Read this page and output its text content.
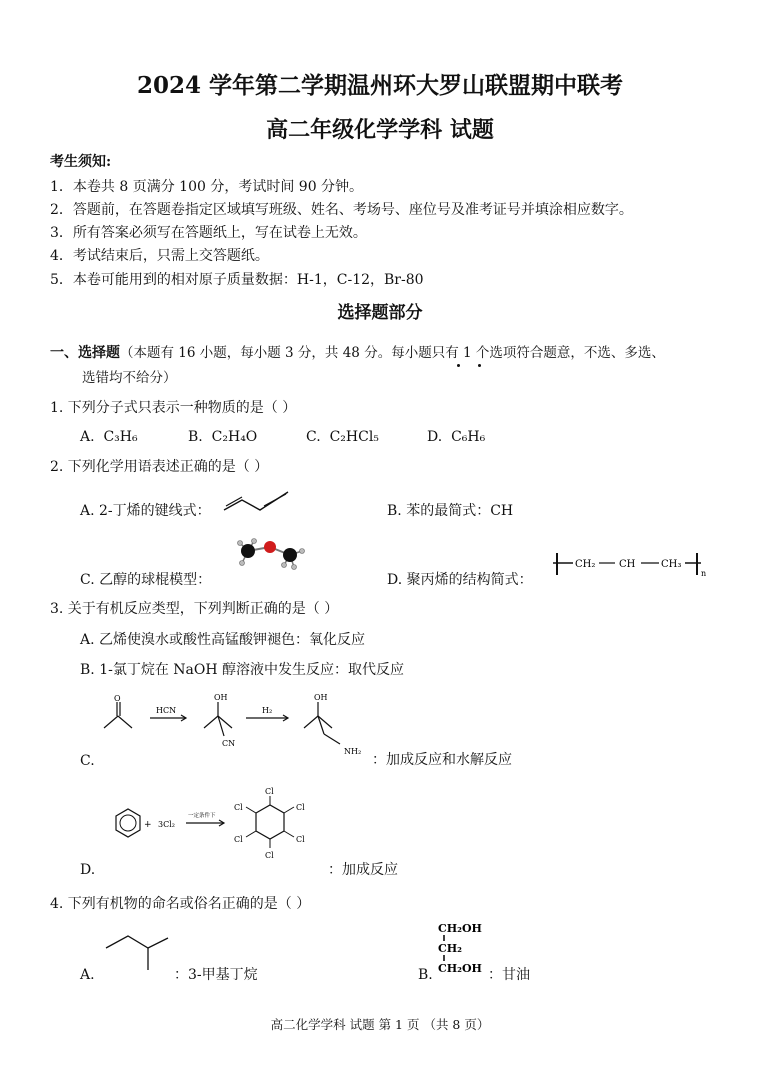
2024 学年第二学期温州环大罗山联盟期中联考
高二年级化学学科 试题
考生须知:
1．本卷共 8 页满分 100 分，考试时间 90 分钟。
2．答题前，在答题卷指定区域填写班级、姓名、考场号、座位号及准考证号并填涂相应数字。
3．所有答案必须写在答题纸上，写在试卷上无效。
4．考试结束后，只需上交答题纸。
5．本卷可能用到的相对原子质量数据：H-1，C-12，Br-80
选择题部分
一、选择题（本题有 16 小题，每小题 3 分，共 48 分。每小题只有 1 个选项符合题意，不选、多选、
选错均不给分）
1. 下列分子式只表示一种物质的是（ ）
A. C₃H₆	B. C₂H₄O	C. C₂HCl₅	D. C₆H₆
2. 下列化学用语表述正确的是（ ）
A. 2-丁烯的键线式：	B. 苯的最简式：CH
C. 乙醇的球棍模型：	D. 聚丙烯的结构简式：
CH₂ CH	CH₃
n
3. 关于有机反应类型，下列判断正确的是（ ）
A. 乙烯使溴水或酸性高锰酸钾褪色：氧化反应
B. 1-氯丁烷在 NaOH 醇溶液中发生反应：取代反应
O
HCN
OH
CN
H₂
OH
NH₂
C.	：加成反应和水解反应
+ 3Cl₂
一定条件下
Cl
Cl
Cl
Cl
Cl
Cl
D.	：加成反应
4. 下列有机物的命名或俗名正确的是（ ）
A.	：3-甲基丁烷
CH₂OH
CH₂
CH₂OH
B.	：甘油
高二化学学科 试题 第 1 页 （共 8 页）
